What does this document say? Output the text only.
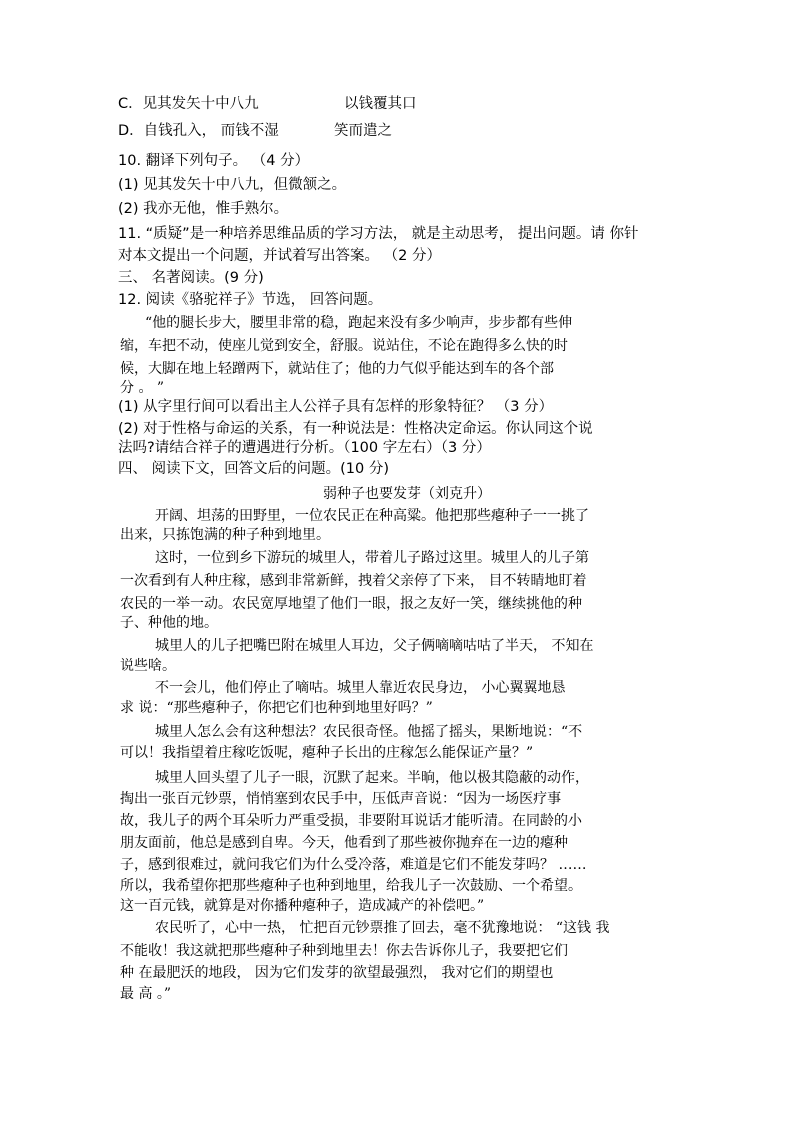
C．见其发矢十中八九	以钱覆其口
D．自钱孔入， 而钱不湿	笑而遣之
10. 翻译下列句子。 （4 分）
(1) 见其发矢十中八九，但微颔之。
(2) 我亦无他，惟手熟尔。
11. “质疑”是一种培养思维品质的学习方法， 就是主动思考， 提出问题。请 你针
对本文提出一个问题，并试着写出答案。 （2 分）
三、 名著阅读。(9 分)
12. 阅读《骆驼祥子》节选， 回答问题。
“他的腿长步大，腰里非常的稳，跑起来没有多少响声，步步都有些伸
缩，车把不动，使座儿觉到安全，舒服。说站住，不论在跑得多么快的时
候，大脚在地上轻蹭两下，就站住了；他的力气似乎能达到车的各个部
分 。 ”
(1) 从字里行间可以看出主人公祥子具有怎样的形象特征？ （3 分）
(2) 对于性格与命运的关系，有一种说法是：性格决定命运。你认同这个说
法吗?请结合祥子的遭遇进行分析。（100 字左右）（3 分）
四、 阅读下文，回答文后的问题。(10 分)
弱种子也要发芽（刘克升）
开阔、坦荡的田野里，一位农民正在种高粱。他把那些瘪种子一一挑了
出来，只拣饱满的种子种到地里。
这时，一位到乡下游玩的城里人，带着儿子路过这里。城里人的儿子第
一次看到有人种庄稼，感到非常新鲜，拽着父亲停了下来， 目不转睛地盯着
农民的一举一动。农民宽厚地望了他们一眼，报之友好一笑，继续挑他的种
子、种他的地。
城里人的儿子把嘴巴附在城里人耳边，父子俩嘀嘀咕咕了半天， 不知在
说些啥。
不一会儿，他们停止了嘀咕。城里人靠近农民身边， 小心翼翼地恳
求 说：“那些瘪种子，你把它们也种到地里好吗？”
城里人怎么会有这种想法？农民很奇怪。他摇了摇头，果断地说：“不
可以！我指望着庄稼吃饭呢，瘪种子长出的庄稼怎么能保证产量？”
城里人回头望了儿子一眼，沉默了起来。半晌，他以极其隐蔽的动作，
掏出一张百元钞票，悄悄塞到农民手中，压低声音说：“因为一场医疗事
故，我儿子的两个耳朵听力严重受损，非要附耳说话才能听清。在同龄的小
朋友面前，他总是感到自卑。今天，他看到了那些被你抛弃在一边的瘪种
子，感到很难过，就问我它们为什么受冷落，难道是它们不能发芽吗？ ……
所以，我希望你把那些瘪种子也种到地里，给我儿子一次鼓励、一个希望。
这一百元钱，就算是对你播种瘪种子，造成减产的补偿吧。”
农民听了，心中一热， 忙把百元钞票推了回去，毫不犹豫地说： “这钱 我
不能收！我这就把那些瘪种子种到地里去！你去告诉你儿子，我要把它们
种 在最肥沃的地段， 因为它们发芽的欲望最强烈， 我对它们的期望也
最 高 。”
